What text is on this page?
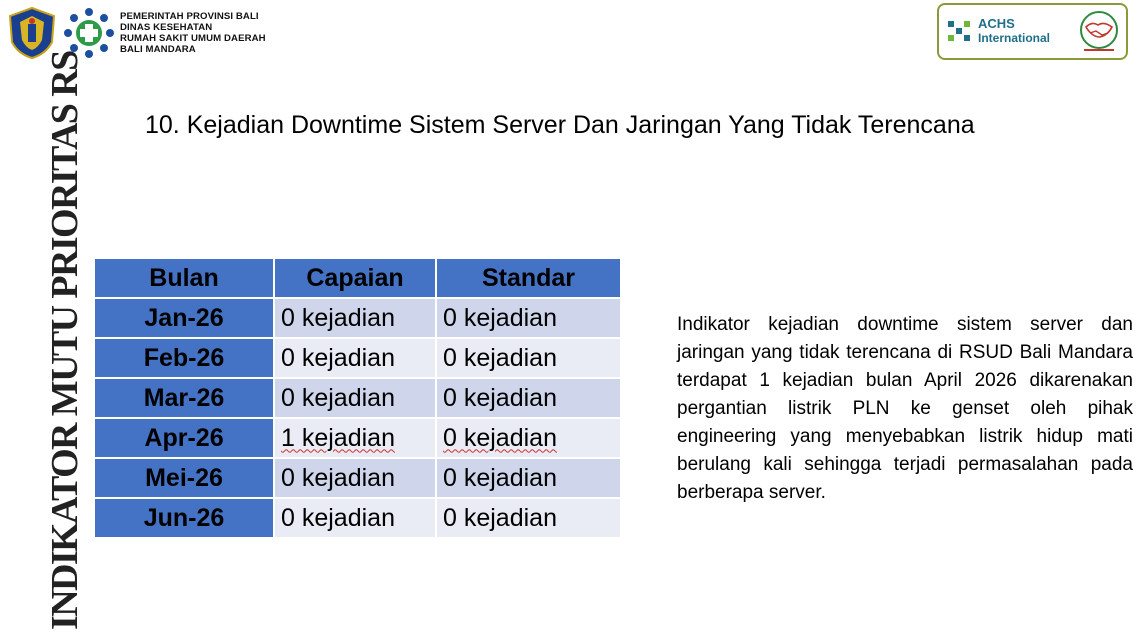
PEMERINTAH PROVINSI BALI
DINAS KESEHATAN
RUMAH SAKIT UMUM DAERAH
BALI MANDARA
ACHS
International
INDIKATOR MUTU PRIORITAS RS 10. Kejadian Downtime Sistem Server Dan Jaringan Yang Tidak Terencana
Bulan	Capaian	Standar
Jan-26	0 kejadian	0 kejadian
Feb-26	0 kejadian	0 kejadian
Mar-26	0 kejadian	0 kejadian
Apr-26	1 kejadian	0 kejadian
Mei-26	0 kejadian	0 kejadian
Jun-26	0 kejadian	0 kejadian
Indikator kejadian downtime sistem server dan jaringan yang tidak terencana di RSUD Bali Mandara terdapat 1 kejadian bulan April 2026 dikarenakan pergantian listrik PLN ke genset oleh pihak engineering yang menyebabkan listrik hidup mati berulang kali sehingga terjadi permasalahan pada berberapa server.
